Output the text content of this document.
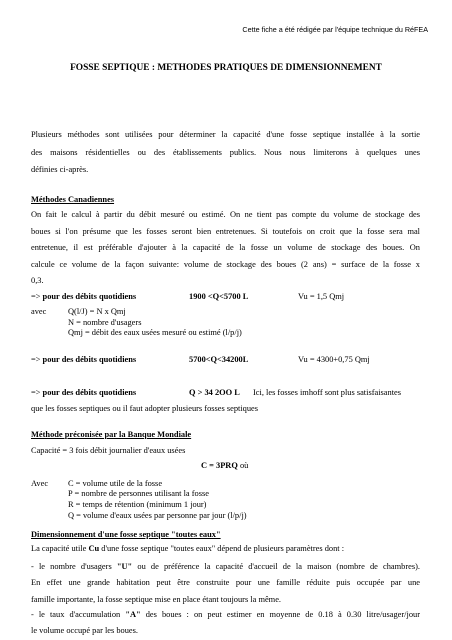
Cette fiche a été rédigée par l'équipe technique du RéFEA
FOSSE SEPTIQUE : METHODES PRATIQUES DE DIMENSIONNEMENT
Plusieurs méthodes sont utilisées pour déterminer la capacité d'une fosse septique installée à la sortie
des maisons résidentielles ou des établissements publics. Nous nous limiterons à quelques unes
définies ci-après.
Méthodes Canadiennes
On fait le calcul à partir du débit mesuré ou estimé. On ne tient pas compte du volume de stockage des
boues si l'on présume que les fosses seront bien entretenues. Si toutefois on croit que la fosse sera mal
entretenue, il est préférable d'ajouter à la capacité de la fosse un volume de stockage des boues. On
calcule ce volume de la façon suivante: volume de stockage des boues (2 ans) = surface de la fosse x
0,3.
=> pour des débits quotidiens	1900 <Q<5700 L	Vu = 1,5 Qmj
avec	Q(l/J) = N x Qmj
N = nombre d'usagers
Qmj = débit des eaux usées mesuré ou estimé (l/p/j)
=> pour des débits quotidiens	5700<Q<34200L	Vu = 4300+0,75 Qmj
=> pour des débits quotidiens	Q > 34 2OO L Ici, les fosses imhoff sont plus satisfaisantes
que les fosses septiques ou il faut adopter plusieurs fosses septiques
Méthode préconisée par la Banque Mondiale
Capacité = 3 fois débit journalier d'eaux usées
C = 3PRQ où
Avec C = volume utile de la fosse
P = nombre de personnes utilisant la fosse
R = temps de rétention (minimum 1 jour)
Q = volume d'eaux usées par personne par jour (l/p/j)
Dimensionnement d'une fosse septique "toutes eaux"
La capacité utile Cu d'une fosse septique "toutes eaux" dépend de plusieurs paramètres dont :
- le nombre d'usagers "U" ou de préférence la capacité d'accueil de la maison (nombre de chambres).
En effet une grande habitation peut être construite pour une famille réduite puis occupée par une
famille importante, la fosse septique mise en place étant toujours la même.
- le taux d'accumulation "A" des boues : on peut estimer en moyenne de 0.18 à 0.30 litre/usager/jour
le volume occupé par les boues.
